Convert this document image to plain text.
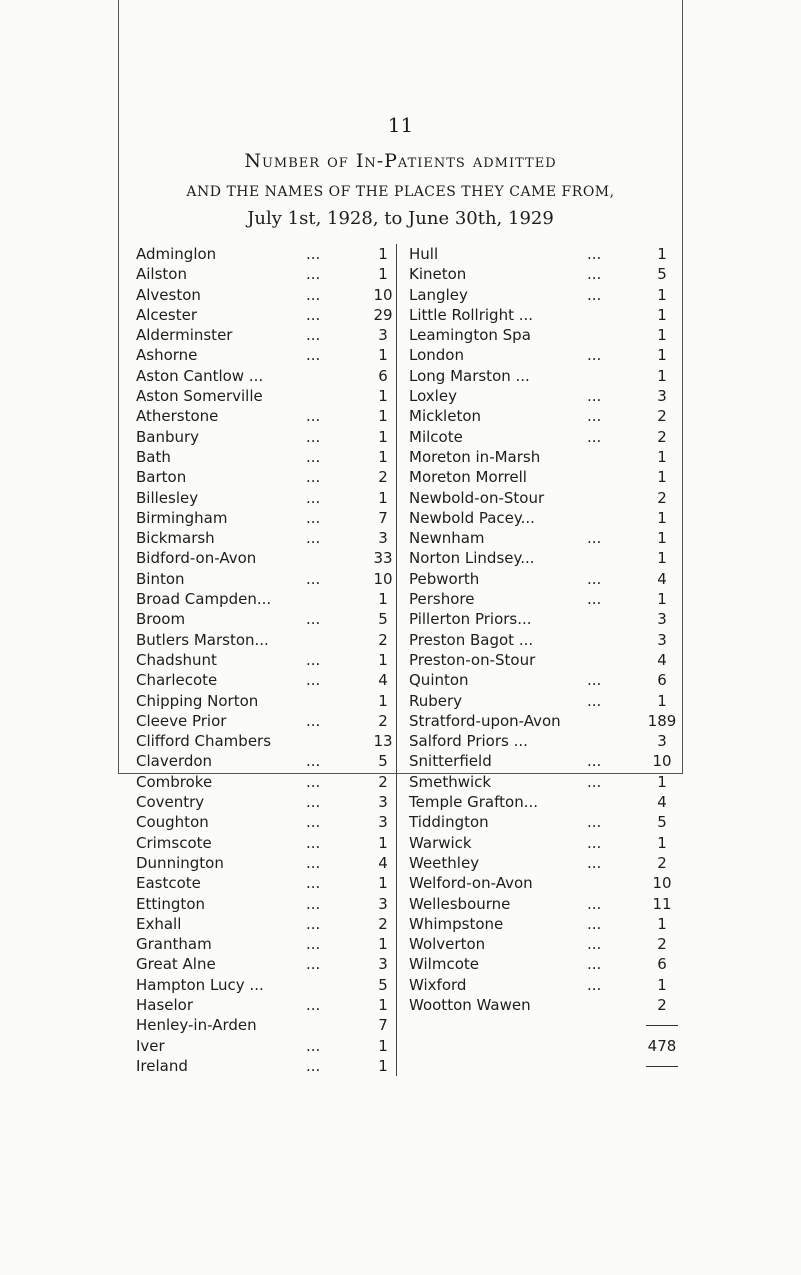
11
Number of In-Patients admitted
AND THE NAMES OF THE PLACES THEY CAME FROM,
July 1st, 1928, to June 30th, 1929
Adminglon	...	1
Ailston	...	1
Alveston	...	10
Alcester	...	29
Alderminster	...	3
Ashorne	...	1
Aston Cantlow ...	6
Aston Somerville	1
Atherstone	...	1
Banbury	...	1
Bath	...	1
Barton	...	2
Billesley	...	1
Birmingham	...	7
Bickmarsh	...	3
Bidford-on-Avon	33
Binton	...	10
Broad Campden...	1
Broom	...	5
Butlers Marston...	2
Chadshunt	...	1
Charlecote	...	4
Chipping Norton	1
Cleeve Prior	...	2
Clifford Chambers	13
Claverdon	...	5
Combroke	...	2
Coventry	...	3
Coughton	...	3
Crimscote	...	1
Dunnington	...	4
Eastcote	...	1
Ettington	...	3
Exhall	...	2
Grantham	...	1
Great Alne	...	3
Hampton Lucy ...	5
Haselor	...	1
Henley-in-Arden	7
Iver	...	1
Ireland	...	1
Hull	...	1
Kineton	...	5
Langley	...	1
Little Rollright ...	1
Leamington Spa	1
London	...	1
Long Marston ...	1
Loxley	...	3
Mickleton	...	2
Milcote	...	2
Moreton in-Marsh	1
Moreton Morrell	1
Newbold-on-Stour	2
Newbold Pacey...	1
Newnham	...	1
Norton Lindsey...	1
Pebworth	...	4
Pershore	...	1
Pillerton Priors...	3
Preston Bagot ...	3
Preston-on-Stour	4
Quinton	...	6
Rubery	...	1
Stratford-upon-Avon	189
Salford Priors ...	3
Snitterfield	...	10
Smethwick	...	1
Temple Grafton...	4
Tiddington	...	5
Warwick	...	1
Weethley	...	2
Welford-on-Avon	10
Wellesbourne	...	11
Whimpstone	...	1
Wolverton	...	2
Wilmcote	...	6
Wixford	...	1
Wootton Wawen	2
478
